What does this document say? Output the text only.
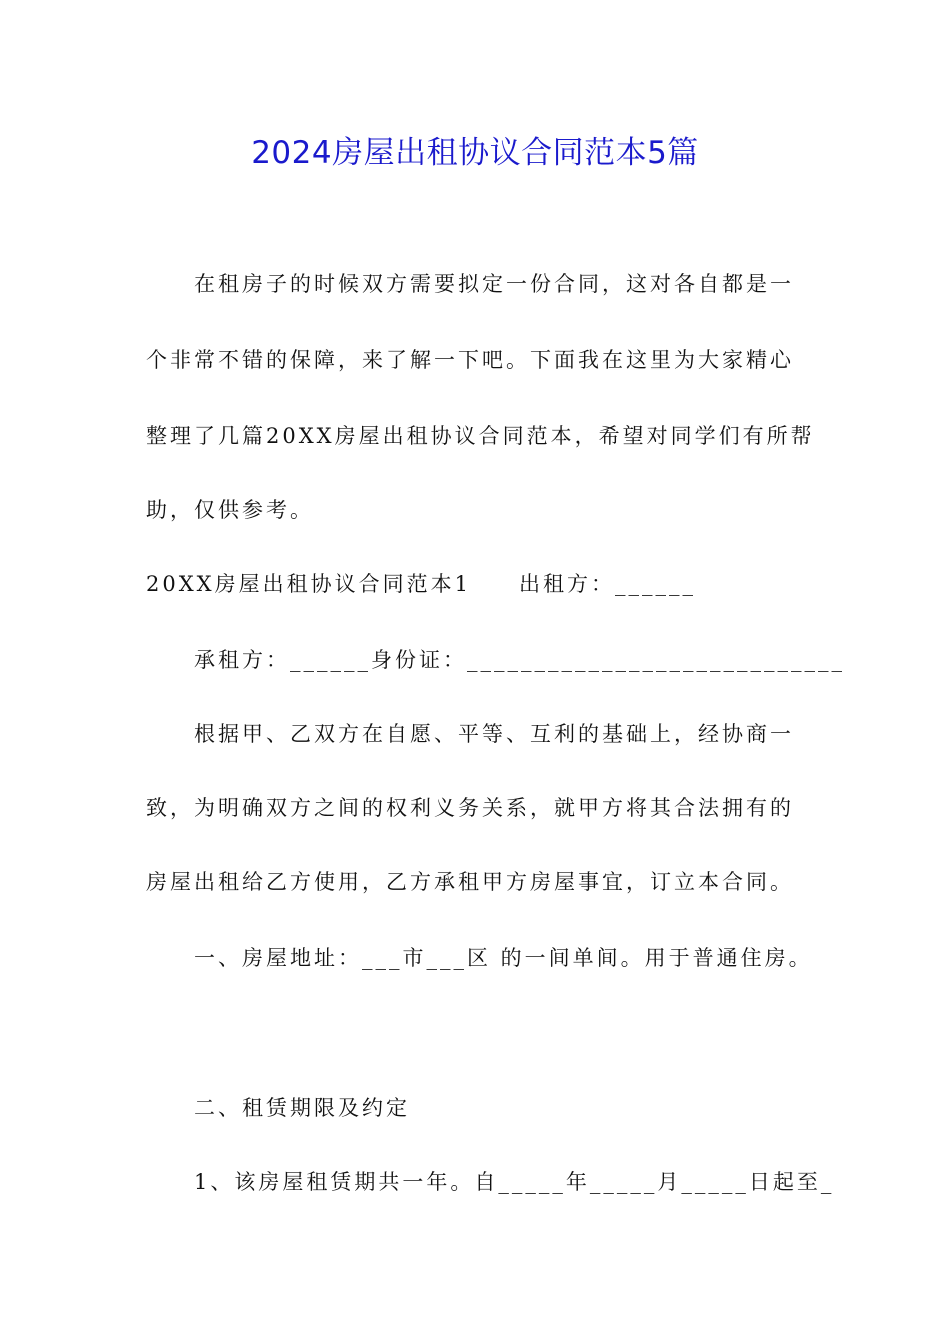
2024房屋出租协议合同范本5篇
在租房子的时候双方需要拟定一份合同，这对各自都是一
个非常不错的保障，来了解一下吧。下面我在这里为大家精心
整理了几篇20XX房屋出租协议合同范本，希望对同学们有所帮
助，仅供参考。
20XX房屋出租协议合同范本1 出租方：______
承租方：______身份证：____________________________
根据甲、乙双方在自愿、平等、互利的基础上，经协商一
致，为明确双方之间的权利义务关系，就甲方将其合法拥有的
房屋出租给乙方使用，乙方承租甲方房屋事宜，订立本合同。
一、房屋地址：___市___区 的一间单间。用于普通住房。
二、租赁期限及约定
1、该房屋租赁期共一年。自_____年_____月_____日起至_
